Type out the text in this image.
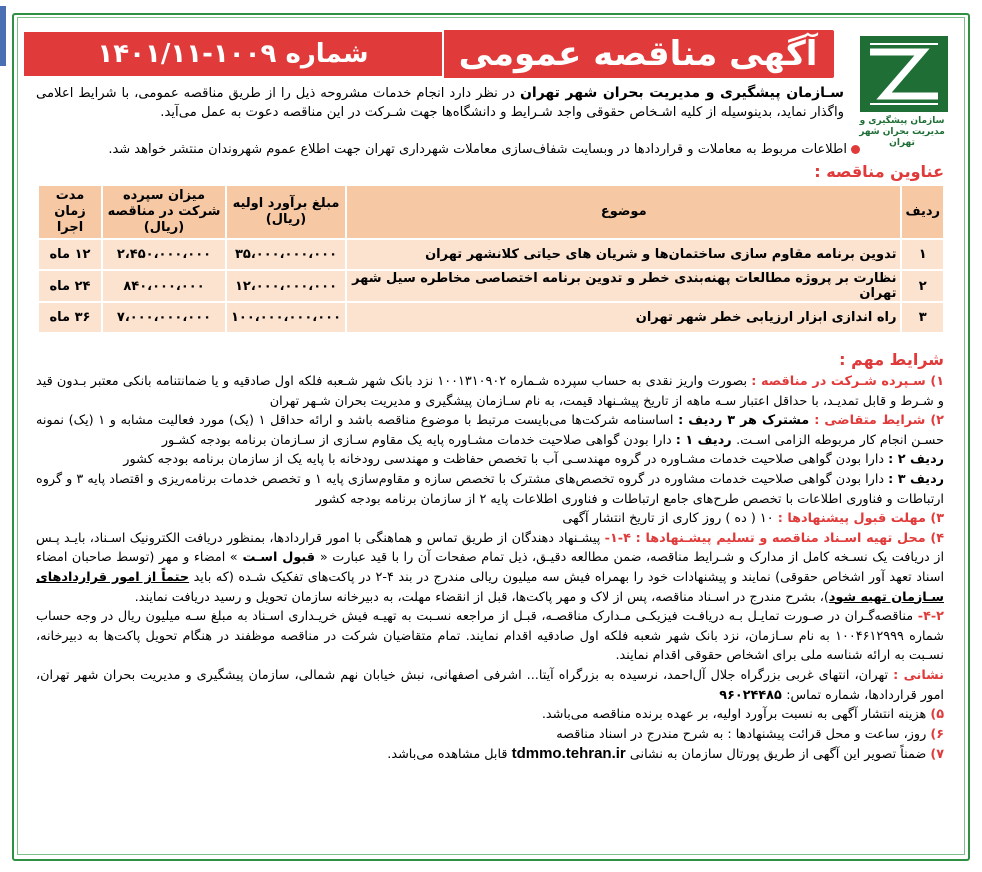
سازمان پیشگیری و
مدیریت بحران شهر تهران
آگهی مناقصه عمومی
شماره ۱۰۰۹-۱۴۰۱/۱۱
سـازمان پیشگیری و مدیریت بحران شهر تهران در نظر دارد انجام خدمات مشروحه ذیل را از طریق مناقصه عمومی، با شرایط اعلامی واگذار نماید، بدینوسیله از کلیه اشـخاص حقوقی واجد شـرایط و دانشگاه‌ها جهت شـرکت در این مناقصه دعوت به عمل می‌آید.
اطلاعات مربوط به معاملات و قراردادها در وبسایت شفاف‌سازی معاملات شهرداری تهران جهت اطلاع عموم شهروندان منتشر خواهد شد.
عناوین مناقصه :
ردیف	موضوع	مبلغ برآورد اولیه (ریال)	میزان سپرده شرکت در مناقصه (ریال)	مدت زمان اجرا
۱	تدوین برنامه مقاوم سازی ساختمان‌ها و شریان های حیاتی کلانشهر تهران	۳۵،۰۰۰،۰۰۰،۰۰۰	۲،۴۵۰،۰۰۰،۰۰۰	۱۲ ماه
۲	نظارت بر پروژه مطالعات پهنه‌بندی خطر و تدوین برنامه اختصاصی مخاطره سیل شهر تهران	۱۲،۰۰۰،۰۰۰،۰۰۰	۸۴۰،۰۰۰،۰۰۰	۲۴ ماه
۳	راه اندازی ابزار ارزیابی خطر شهر تهران	۱۰۰،۰۰۰،۰۰۰،۰۰۰	۷،۰۰۰،۰۰۰،۰۰۰	۳۶ ماه
شرایط مهم :

۱) سـپرده شـرکت در مناقصه : بصورت واریز نقدی به حساب سپرده شـماره ۱۰۰۱۳۱۰۹۰۲ نزد بانک شهر شـعبه فلکه اول صادقیه و یا ضمانتنامه بانکی معتبر بـدون قید و شـرط و قابل تمدیـد، با حداقل اعتبار سـه ماهه از تاریخ پیشـنهاد قیمت، به نام سـازمان پیشگیری و مدیریت بحران شـهر تهران

۲) شرایط متقاضی : مشترک هر ۳ ردیف : اساسنامه شرکت‌ها می‌بایست مرتبط با موضوع مناقصه باشد و ارائه حداقل ۱ (یک) مورد فعالیت مشابه و ۱ (یک) نمونه حسـن انجام کار مربوطه الزامی اسـت. ردیف ۱ : دارا بودن گواهی صلاحیت خدمات مشـاوره پایه یک مقاوم سـازی از سـازمان برنامه بودجه کشـور

ردیف ۲ : دارا بودن گواهی صلاحیت خدمات مشـاوره در گروه مهندسـی آب با تخصص حفاظت و مهندسی رودخانه با پایه یک از سازمان برنامه بودجه کشور

ردیف ۳ : دارا بودن گواهی صلاحیت خدمات مشاوره در گروه تخصص‌های مشترک با تخصص سازه و مقاوم‌سازی پایه ۱ و تخصص خدمات برنامه‌ریزی و اقتصاد پایه ۳ و گروه ارتباطات و فناوری اطلاعات با تخصص طرح‌های جامع ارتباطات و فناوری اطلاعات پایه ۲ از سازمان برنامه بودجه کشور

۳) مهلت قبول پیشنهادها : ۱۰ ( ده ) روز کاری از تاریخ انتشار آگهی

۴) محل تهیه اسـناد مناقصه و تسلیم پیشـنهادها : ۴-۱- پیشـنهاد دهندگان از طریق تماس و هماهنگی با امور قراردادها، بمنظور دریافت الکترونیک اسـناد، بایـد پـس از دریافت یک نسـخه کامل از مدارک و شـرایط مناقصه، ضمن مطالعه دقیـق، ذیل تمام صفحات آن را با قید عبارت « قبول اسـت » امضاء و مهر (توسط صاحبان امضاء اسناد تعهد آور اشخاص حقوقی) نمایند و پیشنهادات خود را بهمراه فیش سه میلیون ریالی مندرج در بند ۴-۲ در پاکت‌های تفکیک شـده (که باید حتماً از امور قراردادهای سـازمان تهیه شود)، بشرح مندرج در اسـناد مناقصه، پس از لاک و مهر پاکت‌ها، قبل از انقضاء مهلت، به دبیرخانه سازمان تحویل و رسید دریافت نمایند.

۴-۲- مناقصه‌گـران در صـورت تمایـل بـه دریافـت فیزیکـی مـدارک مناقصـه، قبـل از مراجعه نسـبت به تهیـه فیش خریـداری اسـناد به مبلغ سـه میلیون ریال در وجه حساب شماره ۱۰۰۴۶۱۲۹۹۹ به نام سـازمان، نزد بانک شهر شعبه فلکه اول صادقیه اقدام نمایند. تمام متقاضیان شرکت در مناقصه موظفند در هنگام تحویل پاکت‌ها به دبیرخانه، نسـبت به ارائه شناسه ملی برای اشخاص حقوقی اقدام نمایند.

نشانی : تهران، انتهای غربی بزرگراه جلال آل‌احمد، نرسیده به بزرگراه آیتا... اشرفی اصفهانی، نبش خیابان نهم شمالی، سازمان پیشگیری و مدیریت بحران شهر تهران، امور قراردادها، شماره تماس: ۹۶۰۲۴۴۸۵

۵) هزینه انتشار آگهی به نسبت برآورد اولیه، بر عهده برنده مناقصه می‌باشد.

۶) روز، ساعت و محل قرائت پیشنهادها : به شرح مندرج در اسناد مناقصه

۷) ضمناً تصویر این آگهی از طریق پورتال سازمان به نشانی tdmmo.tehran.ir قابل مشاهده می‌باشد.
